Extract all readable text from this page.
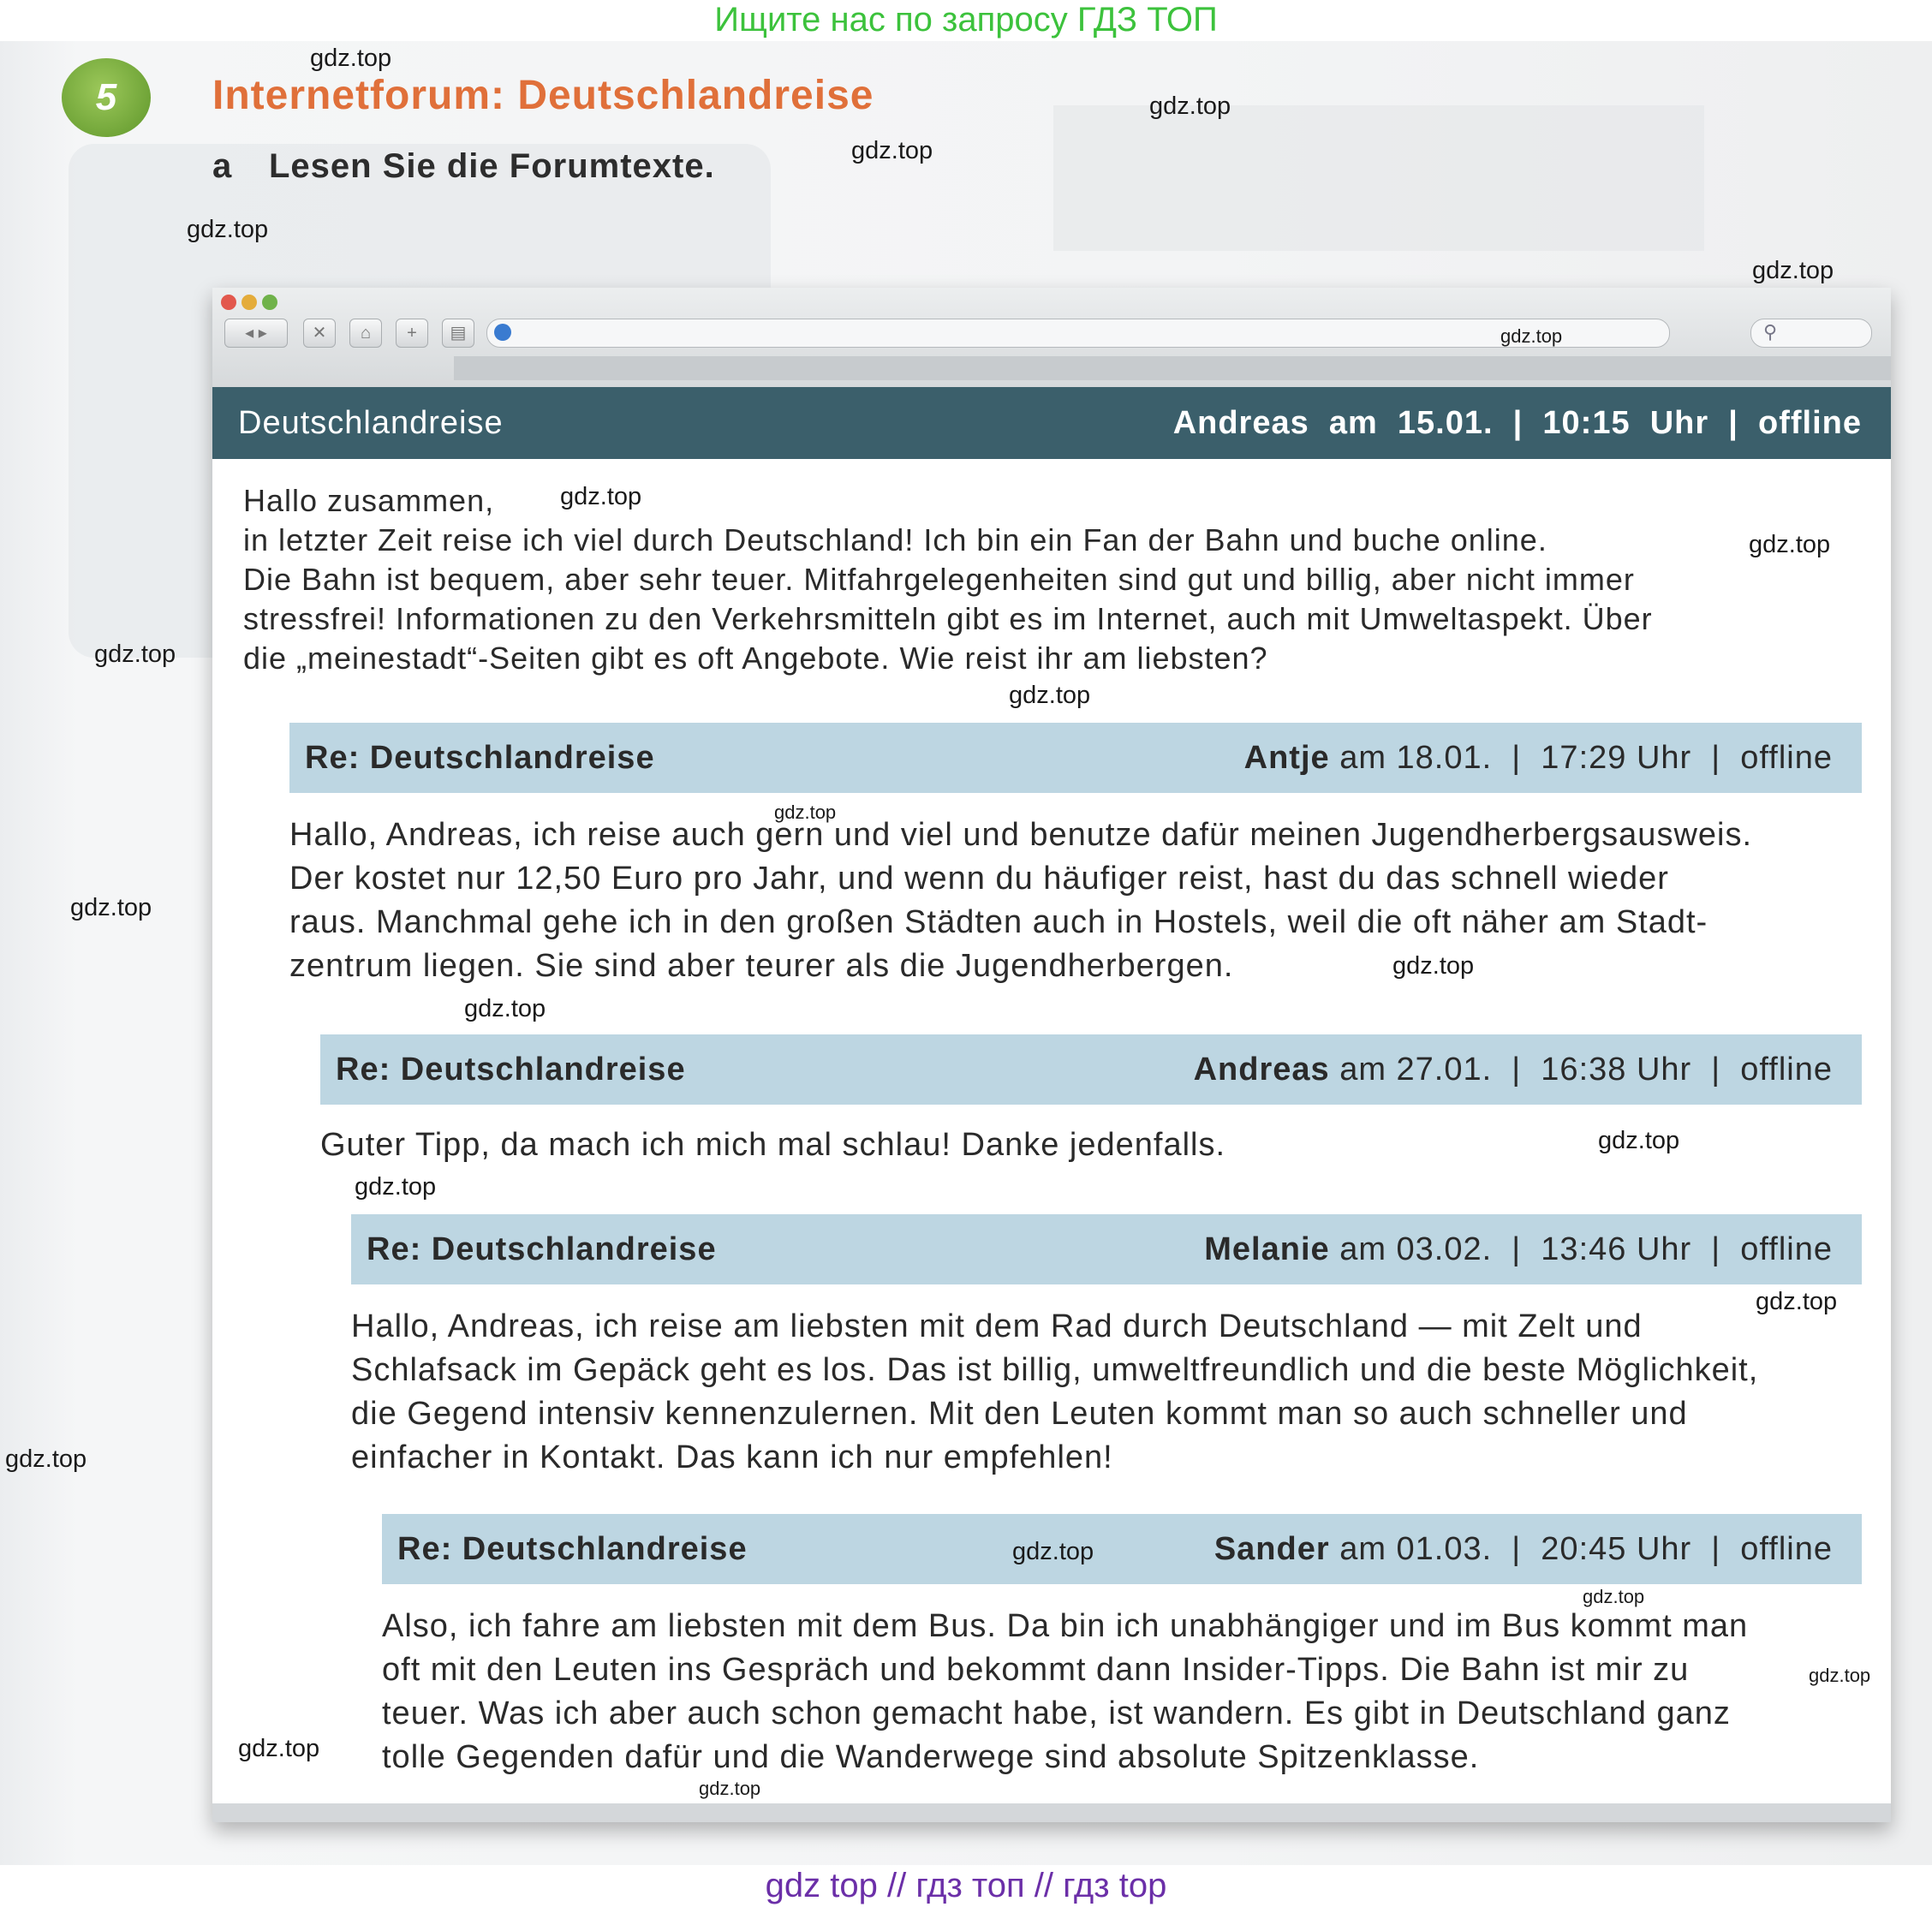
Ищите нас по запросу ГДЗ ТОП
5	Internetforum: Deutschlandreise
a Lesen Sie die Forumtexte.
◂ ▸	✕	⌂	+	▤	⚲
Deutschlandreise	Andreas  am  15.01.  |  10:15  Uhr  |  offline
Hallo zusammen,
in letzter Zeit reise ich viel durch Deutschland! Ich bin ein Fan der Bahn und buche online.
Die Bahn ist bequem, aber sehr teuer. Mitfahrgelegenheiten sind gut und billig, aber nicht immer
stressfrei! Informationen zu den Verkehrsmitteln gibt es im Internet, auch mit Umweltaspekt. Über
die „meinestadt“-Seiten gibt es oft Angebote. Wie reist ihr am liebsten?
Re: Deutschlandreise	Antje am 18.01.  |  17:29 Uhr  |  offline
Hallo, Andreas, ich reise auch gern und viel und benutze dafür meinen Jugendherbergsausweis.
Der kostet nur 12,50 Euro pro Jahr, und wenn du häufiger reist, hast du das schnell wieder
raus. Manchmal gehe ich in den großen Städten auch in Hostels, weil die oft näher am Stadt-
zentrum liegen. Sie sind aber teurer als die Jugendherbergen.
Re: Deutschlandreise	Andreas am 27.01.  |  16:38 Uhr  |  offline
Guter Tipp, da mach ich mich mal schlau! Danke jedenfalls.
Re: Deutschlandreise	Melanie am 03.02.  |  13:46 Uhr  |  offline
Hallo, Andreas, ich reise am liebsten mit dem Rad durch Deutschland — mit Zelt und
Schlafsack im Gepäck geht es los. Das ist billig, umweltfreundlich und die beste Möglichkeit,
die Gegend intensiv kennenzulernen. Mit den Leuten kommt man so auch schneller und
einfacher in Kontakt. Das kann ich nur empfehlen!
Re: Deutschlandreise	Sander am 01.03.  |  20:45 Uhr  |  offline
Also, ich fahre am liebsten mit dem Bus. Da bin ich unabhängiger und im Bus kommt man
oft mit den Leuten ins Gespräch und bekommt dann Insider-Tipps. Die Bahn ist mir zu
teuer. Was ich aber auch schon gemacht habe, ist wandern. Es gibt in Deutschland ganz
tolle Gegenden dafür und die Wanderwege sind absolute Spitzenklasse.
gdz.top
gdz.top
gdz.top
gdz.top
gdz.top
gdz.top
gdz.top
gdz.top
gdz.top
gdz.top
gdz.top
gdz.top
gdz.top
gdz.top
gdz.top
gdz.top
gdz.top
gdz.top
gdz.top
gdz.top
gdz.top
gdz.top
gdz.top
gdz top // гдз топ // гдз top
